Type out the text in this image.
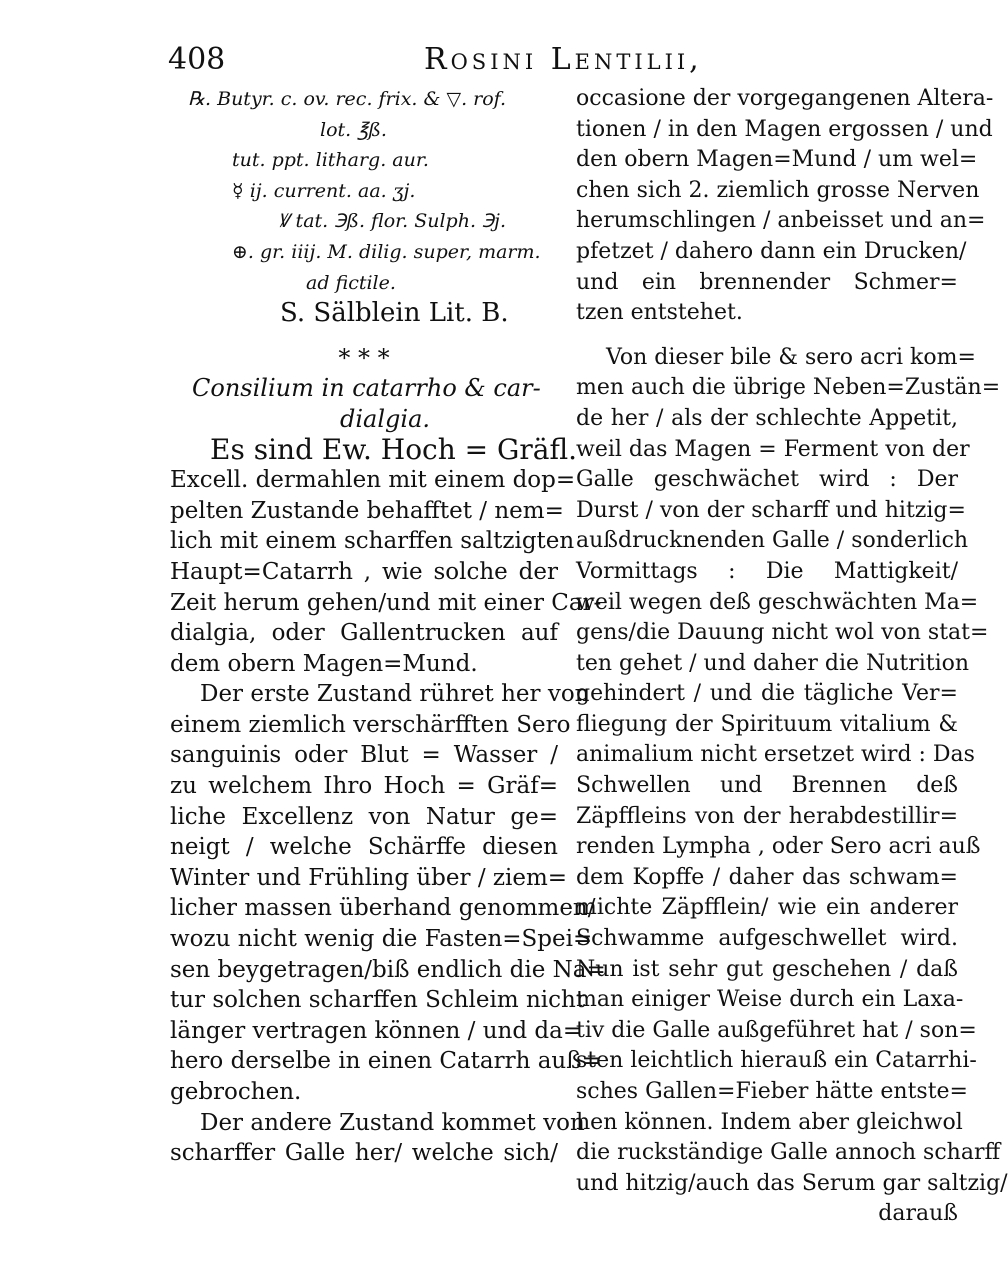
408	Rosini Lentilii,
℞. Butyr. c. ov. rec. frix. & ▽. rof.
lot. ℥ß.
tut. ppt. litharg. aur.
☿ ij. current. aa. ʒj.
Ꝟ tat. ℈ß. flor. Sulph. ℈j.
⊕. gr. iiij. M. dilig. super, marm.
ad fictile.
S. Sälblein Lit. B.
* * *
Consilium in catarrho & car-
dialgia.
Es sind Ew. Hoch = Gräfl.
Excell. dermahlen mit einem dop=
pelten Zustande behafftet / nem=
lich mit einem scharffen saltzigten
Haupt=Catarrh , wie solche der
Zeit herum gehen/und mit einer Car-
dialgia, oder Gallentrucken auf
dem obern Magen=Mund.
Der erste Zustand rühret her von
einem ziemlich verschärfften Sero
sanguinis oder Blut = Wasser /
zu welchem Ihro Hoch = Gräf=
liche Excellenz von Natur ge=
neigt / welche Schärffe diesen
Winter und Frühling über / ziem=
licher massen überhand genommen/
wozu nicht wenig die Fasten=Spei=
sen beygetragen/biß endlich die Na=
tur solchen scharffen Schleim nicht
länger vertragen können / und da=
hero derselbe in einen Catarrh auß=
gebrochen.
Der andere Zustand kommet von
scharffer Galle her/ welche sich/
occasione der vorgegangenen Altera-
tionen / in den Magen ergossen / und
den obern Magen=Mund / um wel=
chen sich 2. ziemlich grosse Nerven
herumschlingen / anbeisset und an=
pfetzet / dahero dann ein Drucken/
und ein brennender Schmer=
tzen entstehet.
Von dieser bile & sero acri kom=
men auch die übrige Neben=Zustän=
de her / als der schlechte Appetit,
weil das Magen = Ferment von der
Galle geschwächet wird : Der
Durst / von der scharff und hitzig=
außdrucknenden Galle / sonderlich
Vormittags : Die Mattigkeit/
weil wegen deß geschwächten Ma=
gens/die Dauung nicht wol von stat=
ten gehet / und daher die Nutrition
gehindert / und die tägliche Ver=
fliegung der Spirituum vitalium &
animalium nicht ersetzet wird : Das
Schwellen und Brennen deß
Zäpffleins von der herabdestillir=
renden Lympha , oder Sero acri auß
dem Kopffe / daher das schwam=
michte Zäpfflein/ wie ein anderer
Schwamme aufgeschwellet wird.
Nun ist sehr gut geschehen / daß
man einiger Weise durch ein Laxa-
tiv die Galle außgeführet hat / son=
sten leichtlich hierauß ein Catarrhi-
sches Gallen=Fieber hätte entste=
hen können. Indem aber gleichwol
die ruckständige Galle annoch scharff
und hitzig/auch das Serum gar saltzig/
darauß
